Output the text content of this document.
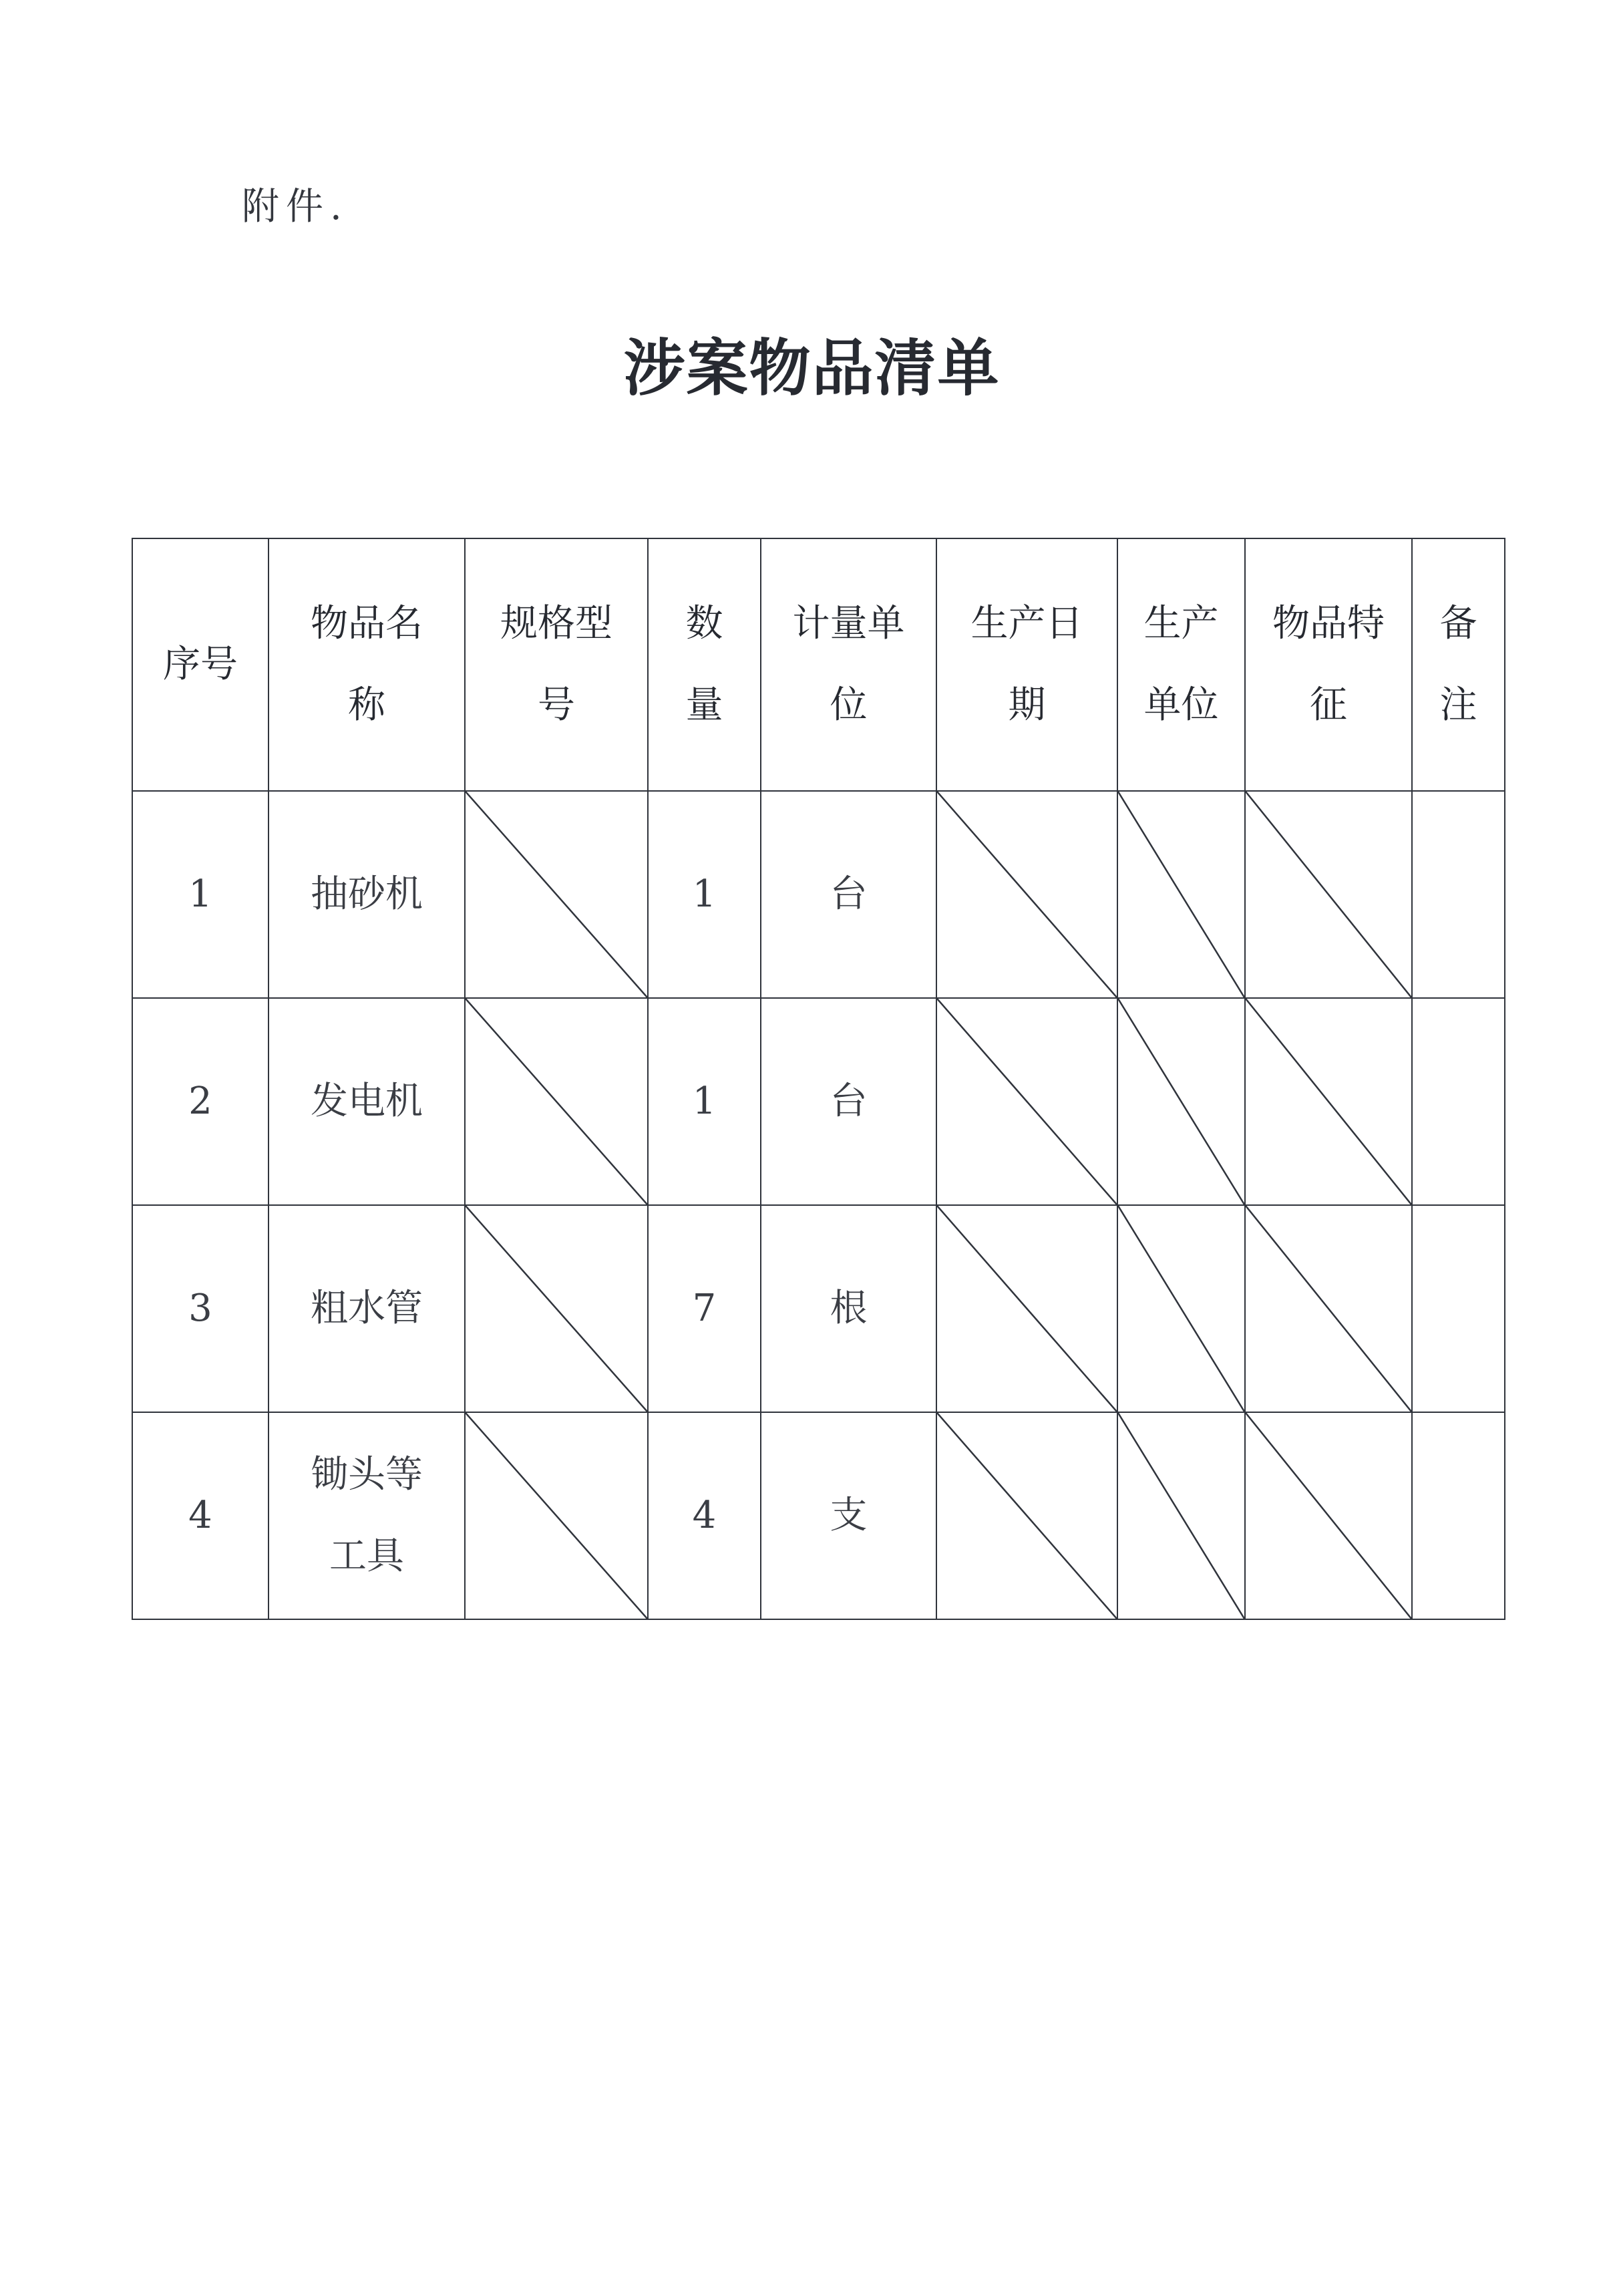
附件.
涉案物品清单
序号	物品名称	规格型号	数量	计量单位	生产日期	生产单位	物品特征	备注
1	抽砂机		1	台	

2	发电机		1	台	

3	粗水管		7	根	

4	锄头等工具		4	支	
